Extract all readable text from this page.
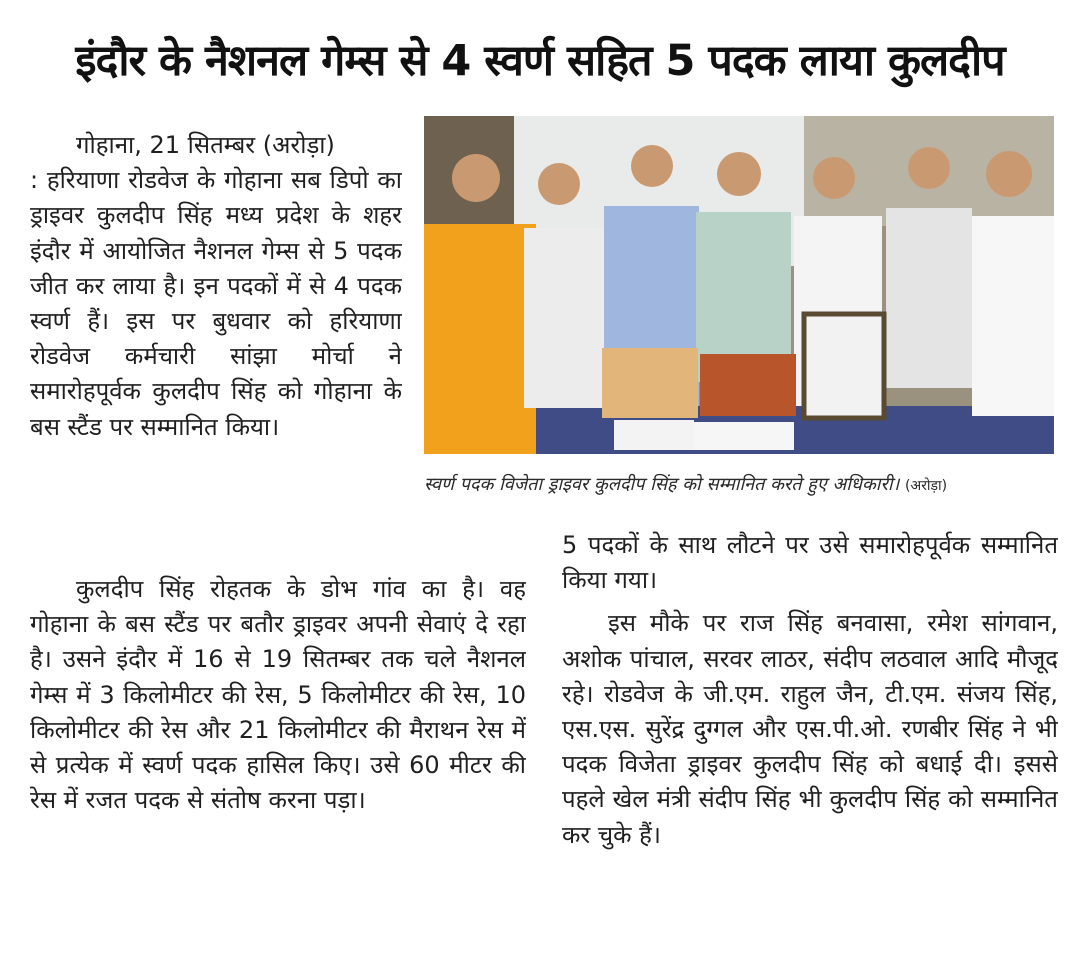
इंदौर के नैशनल गेम्स से 4 स्वर्ण सहित 5 पदक लाया कुलदीप

गोहाना, 21 सितम्बर (अरोड़ा)

: हरियाणा रोडवेज के गोहाना सब डिपो का ड्राइवर कुलदीप सिंह मध्य प्रदेश के शहर इंदौर में आयोजित नैशनल गेम्स से 5 पदक जीत कर लाया है। इन पदकों में से 4 पदक स्वर्ण हैं। इस पर बुधवार को हरियाणा रोडवेज कर्मचारी सांझा मोर्चा ने समारोहपूर्वक कुलदीप सिंह को गोहाना के बस स्टैंड पर सम्मानित किया।

कुलदीप सिंह रोहतक के डोभ गांव का है। वह गोहाना के बस स्टैंड पर बतौर ड्राइवर अपनी सेवाएं दे रहा है। उसने इंदौर में 16 से 19 सितम्बर तक चले नैशनल गेम्स में 3 किलोमीटर की रेस, 5 किलोमीटर की रेस, 10 किलोमीटर की रेस और 21 किलोमीटर की मैराथन रेस में से प्रत्येक में स्वर्ण पदक हासिल किए। उसे 60 मीटर की रेस में रजत पदक से संतोष करना पड़ा।

स्वर्ण पदक विजेता ड्राइवर कुलदीप सिंह को सम्मानित करते हुए अधिकारी। (अरोड़ा)

5 पदकों के साथ लौटने पर उसे समारोहपूर्वक सम्मानित किया गया।

इस मौके पर राज सिंह बनवासा, रमेश सांगवान, अशोक पांचाल, सरवर लाठर, संदीप लठवाल आदि मौजूद रहे। रोडवेज के जी.एम. राहुल जैन, टी.एम. संजय सिंह, एस.एस. सुरेंद्र दुग्गल और एस.पी.ओ. रणबीर सिंह ने भी पदक विजेता ड्राइवर कुलदीप सिंह को बधाई दी। इससे पहले खेल मंत्री संदीप सिंह भी कुलदीप सिंह को सम्मानित कर चुके हैं।
